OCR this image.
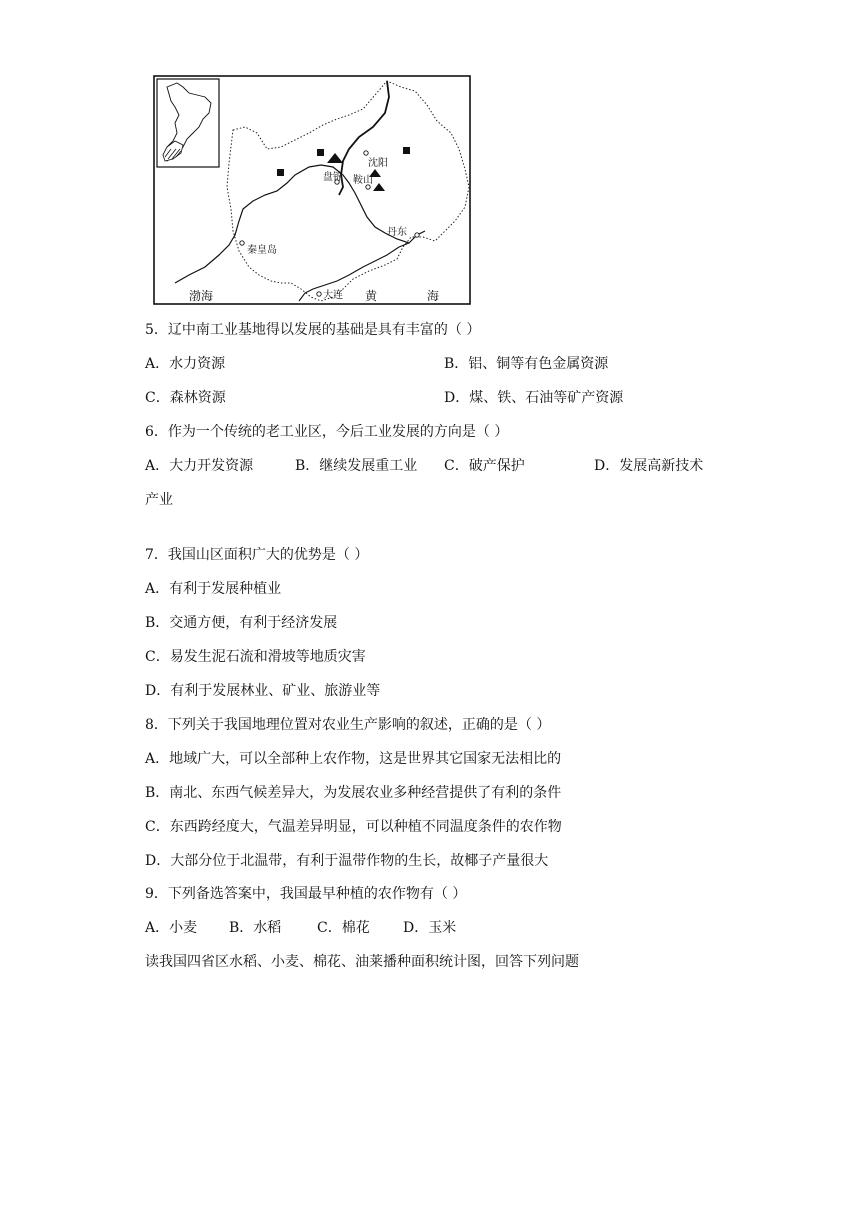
沈阳
盘锦 鞍山
秦皇岛
丹东
大连
渤海	黄	海
5．辽中南工业基地得以发展的基础是具有丰富的（ ）
A．水力资源	B．铝、铜等有色金属资源
C．森林资源	D．煤、铁、石油等矿产资源
6．作为一个传统的老工业区，今后工业发展的方向是（ ）
A．大力开发资源	B．继续发展重工业 C．破产保护	D．发展高新技术
产业
7．我国山区面积广大的优势是（ ）
A．有利于发展种植业
B．交通方便，有利于经济发展
C．易发生泥石流和滑坡等地质灾害
D．有利于发展林业、矿业、旅游业等
8．下列关于我国地理位置对农业生产影响的叙述，正确的是（ ）
A．地域广大，可以全部种上农作物，这是世界其它国家无法相比的
B．南北、东西气候差异大，为发展农业多种经营提供了有利的条件
C．东西跨经度大，气温差异明显，可以种植不同温度条件的农作物
D．大部分位于北温带，有利于温带作物的生长，故椰子产量很大
9．下列备选答案中，我国最早种植的农作物有（ ）
A．小麦 B．水稻	C．棉花 D．玉米
读我国四省区水稻、小麦、棉花、油莱播种面积统计图，回答下列问题
